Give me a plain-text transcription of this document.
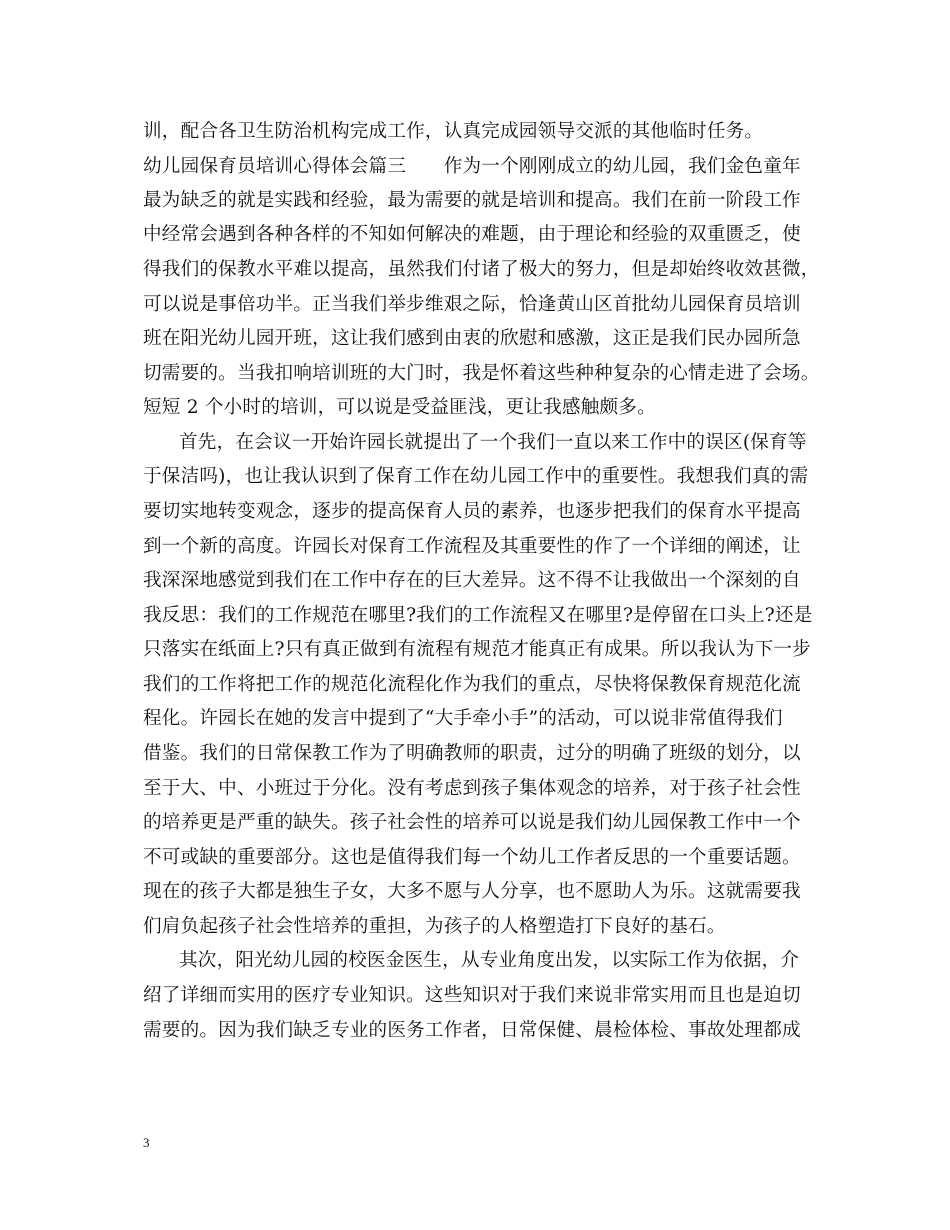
训，配合各卫生防治机构完成工作，认真完成园领导交派的其他临时任务。
幼儿园保育员培训心得体会篇三　　作为一个刚刚成立的幼儿园，我们金色童年
最为缺乏的就是实践和经验，最为需要的就是培训和提高。我们在前一阶段工作
中经常会遇到各种各样的不知如何解决的难题，由于理论和经验的双重匮乏，使
得我们的保教水平难以提高，虽然我们付诸了极大的努力，但是却始终收效甚微，
可以说是事倍功半。正当我们举步维艰之际，恰逢黄山区首批幼儿园保育员培训
班在阳光幼儿园开班，这让我们感到由衷的欣慰和感激，这正是我们民办园所急
切需要的。当我扣响培训班的大门时，我是怀着这些种种复杂的心情走进了会场。
短短 2 个小时的培训，可以说是受益匪浅，更让我感触颇多。
首先，在会议一开始许园长就提出了一个我们一直以来工作中的误区(保育等
于保洁吗)，也让我认识到了保育工作在幼儿园工作中的重要性。我想我们真的需
要切实地转变观念，逐步的提高保育人员的素养，也逐步把我们的保育水平提高
到一个新的高度。许园长对保育工作流程及其重要性的作了一个详细的阐述，让
我深深地感觉到我们在工作中存在的巨大差异。这不得不让我做出一个深刻的自
我反思：我们的工作规范在哪里?我们的工作流程又在哪里?是停留在口头上?还是
只落实在纸面上?只有真正做到有流程有规范才能真正有成果。所以我认为下一步
我们的工作将把工作的规范化流程化作为我们的重点，尽快将保教保育规范化流
程化。许园长在她的发言中提到了“大手牵小手”的活动，可以说非常值得我们
借鉴。我们的日常保教工作为了明确教师的职责，过分的明确了班级的划分，以
至于大、中、小班过于分化。没有考虑到孩子集体观念的培养，对于孩子社会性
的培养更是严重的缺失。孩子社会性的培养可以说是我们幼儿园保教工作中一个
不可或缺的重要部分。这也是值得我们每一个幼儿工作者反思的一个重要话题。
现在的孩子大都是独生子女，大多不愿与人分享，也不愿助人为乐。这就需要我
们肩负起孩子社会性培养的重担，为孩子的人格塑造打下良好的基石。
其次，阳光幼儿园的校医金医生，从专业角度出发，以实际工作为依据，介
绍了详细而实用的医疗专业知识。这些知识对于我们来说非常实用而且也是迫切
需要的。因为我们缺乏专业的医务工作者，日常保健、晨检体检、事故处理都成
3
